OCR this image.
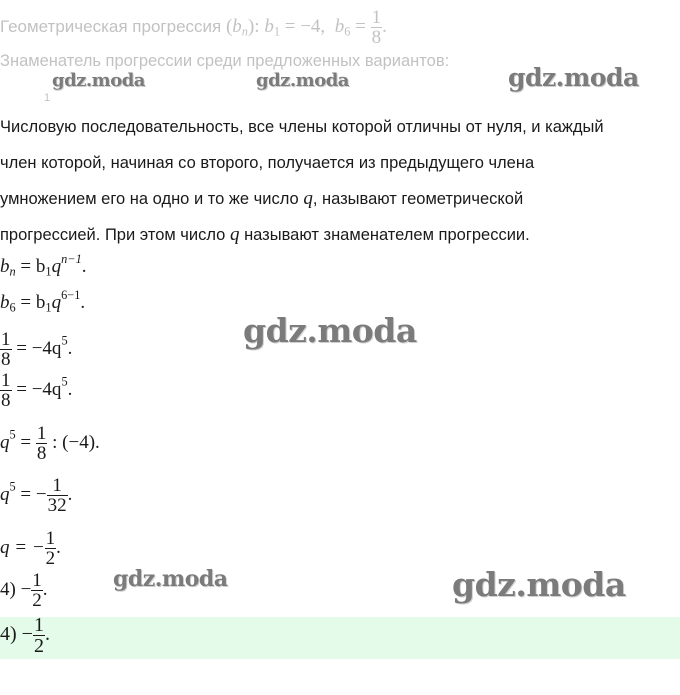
Геометрическая прогрессия $(b_n)$: $b_1 = -4$, $b_6 = \frac{1}{8}$ .
Знаменатель прогрессии среди предложенных вариантов:
1
gdz.moda	gdz.moda	gdz.moda
gdz.moda
gdz.moda	gdz.moda
Числовую последовательность, все члены которой отличны от нуля, и каждый
член которой, начиная со второго, получается из предыдущего члена
умножением его на одно и то же число q, называют геометрической
прогрессией. При этом число q называют знаменателем прогрессии.
$b_n = b_1q^{n-1}$.
$b_6 = b_1q^{6-1}$.
$\frac{1}{8} = -4q^5$.
$\frac{1}{8} = -4q^5$.
$q^5 = \frac{1}{8}$ : (−4).
$q^5$ = − $\frac{1}{32}$ .
q = − $\frac{1}{2}$ .
$4) - \frac{1}{2}$ .
$4) - \frac{1}{2}$ .
